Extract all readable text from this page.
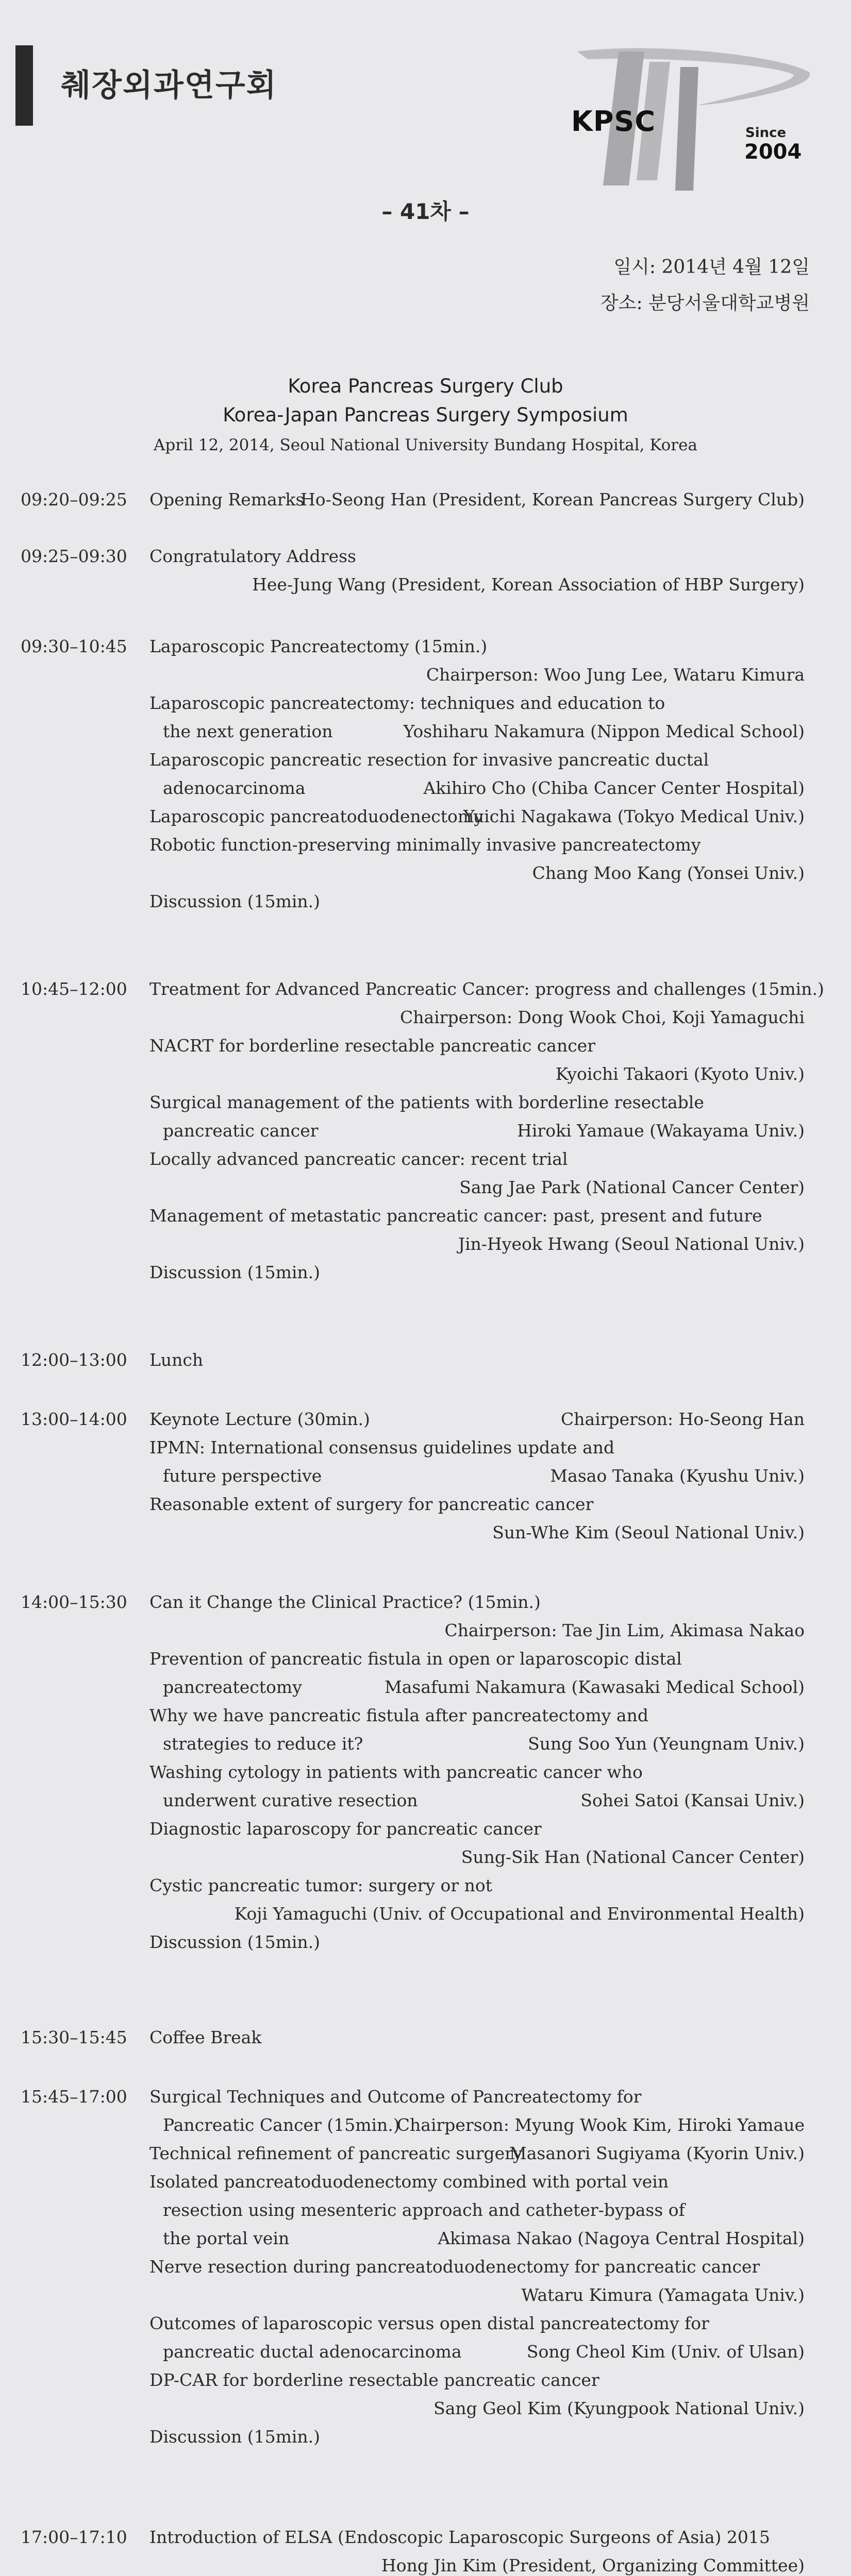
췌장외과연구회
KPSC	Since
2004
– 41차 –
일시: 2014년 4월 12일
장소: 분당서울대학교병원
Korea Pancreas Surgery Club
Korea-Japan Pancreas Surgery Symposium
April 12, 2014, Seoul National University Bundang Hospital, Korea
09:20–09:25 Opening Remarks
Ho-Seong Han (President, Korean Pancreas Surgery Club)
09:25–09:30 Congratulatory Address
Hee-Jung Wang (President, Korean Association of HBP Surgery)
09:30–10:45 Laparoscopic Pancreatectomy (15min.)
Chairperson: Woo Jung Lee, Wataru Kimura
Laparoscopic pancreatectomy: techniques and education to
the next generation	Yoshiharu Nakamura (Nippon Medical School)
Laparoscopic pancreatic resection for invasive pancreatic ductal
adenocarcinoma	Akihiro Cho (Chiba Cancer Center Hospital)
Laparoscopic pancreatoduodenectomy
Yuichi Nagakawa (Tokyo Medical Univ.)
Robotic function-preserving minimally invasive pancreatectomy
Chang Moo Kang (Yonsei Univ.)
Discussion (15min.)
10:45–12:00 Treatment for Advanced Pancreatic Cancer: progress and challenges (15min.)
Chairperson: Dong Wook Choi, Koji Yamaguchi
NACRT for borderline resectable pancreatic cancer
Kyoichi Takaori (Kyoto Univ.)
Surgical management of the patients with borderline resectable
pancreatic cancer	Hiroki Yamaue (Wakayama Univ.)
Locally advanced pancreatic cancer: recent trial
Sang Jae Park (National Cancer Center)
Management of metastatic pancreatic cancer: past, present and future
Jin-Hyeok Hwang (Seoul National Univ.)
Discussion (15min.)
12:00–13:00 Lunch
13:00–14:00 Keynote Lecture (30min.)	Chairperson: Ho-Seong Han
IPMN: International consensus guidelines update and
future perspective	Masao Tanaka (Kyushu Univ.)
Reasonable extent of surgery for pancreatic cancer
Sun-Whe Kim (Seoul National Univ.)
14:00–15:30 Can it Change the Clinical Practice? (15min.)
Chairperson: Tae Jin Lim, Akimasa Nakao
Prevention of pancreatic fistula in open or laparoscopic distal
pancreatectomy	Masafumi Nakamura (Kawasaki Medical School)
Why we have pancreatic fistula after pancreatectomy and
strategies to reduce it?	Sung Soo Yun (Yeungnam Univ.)
Washing cytology in patients with pancreatic cancer who
underwent curative resection	Sohei Satoi (Kansai Univ.)
Diagnostic laparoscopy for pancreatic cancer
Sung-Sik Han (National Cancer Center)
Cystic pancreatic tumor: surgery or not
Koji Yamaguchi (Univ. of Occupational and Environmental Health)
Discussion (15min.)
15:30–15:45 Coffee Break
15:45–17:00 Surgical Techniques and Outcome of Pancreatectomy for
Pancreatic Cancer (15min.)
Chairperson: Myung Wook Kim, Hiroki Yamaue
Technical refinement of pancreatic surgery
Masanori Sugiyama (Kyorin Univ.)
Isolated pancreatoduodenectomy combined with portal vein
resection using mesenteric approach and catheter-bypass of
the portal vein	Akimasa Nakao (Nagoya Central Hospital)
Nerve resection during pancreatoduodenectomy for pancreatic cancer
Wataru Kimura (Yamagata Univ.)
Outcomes of laparoscopic versus open distal pancreatectomy for
pancreatic ductal adenocarcinoma	Song Cheol Kim (Univ. of Ulsan)
DP-CAR for borderline resectable pancreatic cancer
Sang Geol Kim (Kyungpook National Univ.)
Discussion (15min.)
17:00–17:10 Introduction of ELSA (Endoscopic Laparoscopic Surgeons of Asia) 2015
Hong Jin Kim (President, Organizing Committee)
